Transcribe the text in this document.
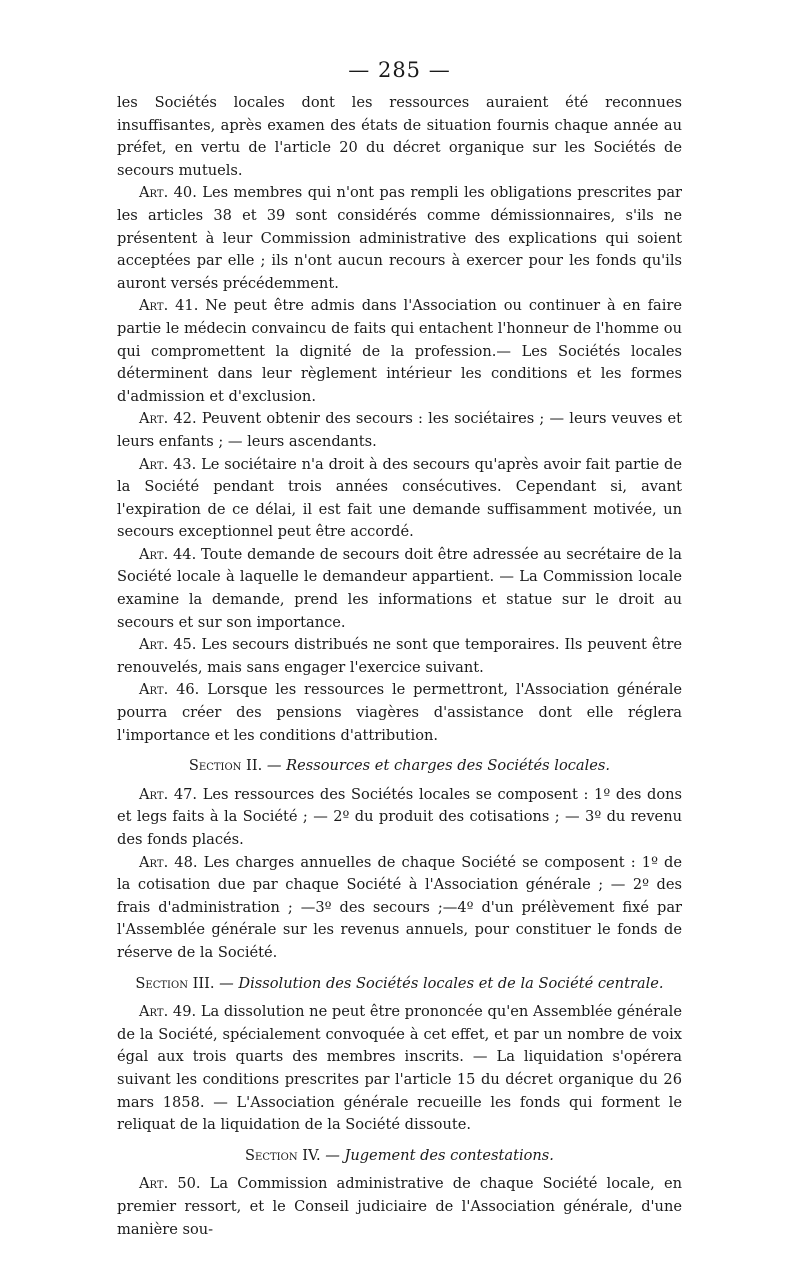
— 285 —

les Sociétés locales dont les ressources auraient été reconnues insuffisantes, après examen des états de situation fournis chaque année au préfet, en vertu de l'article 20 du décret organique sur les Sociétés de secours mutuels.

Art. 40. Les membres qui n'ont pas rempli les obligations prescrites par les articles 38 et 39 sont considérés comme démissionnaires, s'ils ne présentent à leur Commission administrative des explications qui soient acceptées par elle ; ils n'ont aucun recours à exercer pour les fonds qu'ils auront versés précédemment.

Art. 41. Ne peut être admis dans l'Association ou continuer à en faire partie le médecin convaincu de faits qui entachent l'honneur de l'homme ou qui compromettent la dignité de la profession.— Les Sociétés locales déterminent dans leur règlement intérieur les conditions et les formes d'admission et d'exclusion.

Art. 42. Peuvent obtenir des secours : les sociétaires ; — leurs veuves et leurs enfants ; — leurs ascendants.

Art. 43. Le sociétaire n'a droit à des secours qu'après avoir fait partie de la Société pendant trois années consécutives. Cependant si, avant l'expiration de ce délai, il est fait une demande suffisamment motivée, un secours exceptionnel peut être accordé.

Art. 44. Toute demande de secours doit être adressée au secrétaire de la Société locale à laquelle le demandeur appartient. — La Commission locale examine la demande, prend les informations et statue sur le droit au secours et sur son importance.

Art. 45. Les secours distribués ne sont que temporaires. Ils peuvent être renouvelés, mais sans engager l'exercice suivant.

Art. 46. Lorsque les ressources le permettront, l'Association générale pourra créer des pensions viagères d'assistance dont elle réglera l'importance et les conditions d'attribution.

Section II. — Ressources et charges des Sociétés locales.

Art. 47. Les ressources des Sociétés locales se composent : 1º des dons et legs faits à la Société ; — 2º du produit des cotisations ; — 3º du revenu des fonds placés.

Art. 48. Les charges annuelles de chaque Société se composent : 1º de la cotisation due par chaque Société à l'Association générale ; — 2º des frais d'administration ; —3º des secours ;—4º d'un prélèvement fixé par l'Assemblée générale sur les revenus annuels, pour constituer le fonds de réserve de la Société.

Section III. — Dissolution des Sociétés locales et de la Société centrale.

Art. 49. La dissolution ne peut être prononcée qu'en Assemblée générale de la Société, spécialement convoquée à cet effet, et par un nombre de voix égal aux trois quarts des membres inscrits. — La liquidation s'opérera suivant les conditions prescrites par l'article 15 du décret organique du 26 mars 1858. — L'Association générale recueille les fonds qui forment le reliquat de la liquidation de la Société dissoute.

Section IV. — Jugement des contestations.

Art. 50. La Commission administrative de chaque Société locale, en premier ressort, et le Conseil judiciaire de l'Association générale, d'une manière sou-
